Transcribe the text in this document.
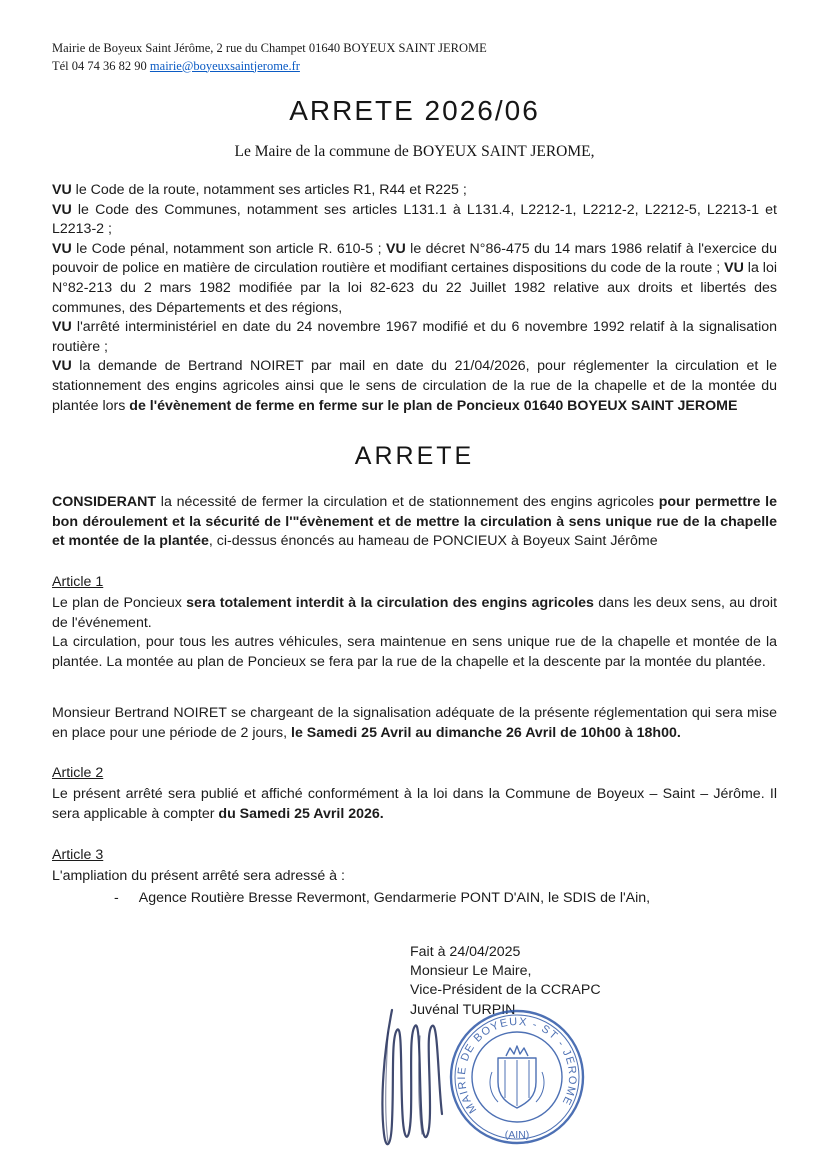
Mairie de Boyeux Saint Jérôme, 2 rue du Champet 01640 BOYEUX SAINT JEROME
Tél 04 74 36 82 90 mairie@boyeuxsaintjerome.fr
ARRETE 2026/06
Le Maire de la commune de BOYEUX SAINT JEROME,

VU le Code de la route, notamment ses articles R1, R44 et R225 ;

VU le Code des Communes, notamment ses articles L131.1 à L131.4, L2212-1, L2212-2, L2212-5, L2213-1 et L2213-2 ;

VU le Code pénal, notamment son article R. 610-5 ; VU le décret N°86-475 du 14 mars 1986 relatif à l'exercice du pouvoir de police en matière de circulation routière et modifiant certaines dispositions du code de la route ; VU la loi N°82-213 du 2 mars 1982 modifiée par la loi 82-623 du 22 Juillet 1982 relative aux droits et libertés des communes, des Départements et des régions,

VU l'arrêté interministériel en date du 24 novembre 1967 modifié et du 6 novembre 1992 relatif à la signalisation routière ;

VU la demande de Bertrand NOIRET par mail en date du 21/04/2026, pour réglementer la circulation et le stationnement des engins agricoles ainsi que le sens de circulation de la rue de la chapelle et de la montée du plantée lors de l'évènement de ferme en ferme sur le plan de Poncieux 01640 BOYEUX SAINT JEROME

ARRETE

CONSIDERANT la nécessité de fermer la circulation et de stationnement des engins agricoles pour permettre le bon déroulement et la sécurité de l'"évènement et de mettre la circulation à sens unique rue de la chapelle et montée de la plantée, ci-dessus énoncés au hameau de PONCIEUX à Boyeux Saint Jérôme

Article 1

Le plan de Poncieux sera totalement interdit à la circulation des engins agricoles dans les deux sens, au droit de l'événement.

La circulation, pour tous les autres véhicules, sera maintenue en sens unique rue de la chapelle et montée de la plantée. La montée au plan de Poncieux se fera par la rue de la chapelle et la descente par la montée du plantée.

Monsieur Bertrand NOIRET se chargeant de la signalisation adéquate de la présente réglementation qui sera mise en place pour une période de 2 jours, le Samedi 25 Avril au dimanche 26 Avril de 10h00 à 18h00.

Article 2

Le présent arrêté sera publié et affiché conformément à la loi dans la Commune de Boyeux – Saint – Jérôme. Il sera applicable à compter du Samedi 25 Avril 2026.

Article 3

L'ampliation du présent arrêté sera adressé à :

- Agence Routière Bresse Revermont, Gendarmerie PONT D'AIN, le SDIS de l'Ain,
Fait à 24/04/2025
Monsieur Le Maire,
Vice-Président de la CCRAPC
Juvénal TURPIN
MAIRIE DE BOYEUX - ST - JEROME
(AIN)
